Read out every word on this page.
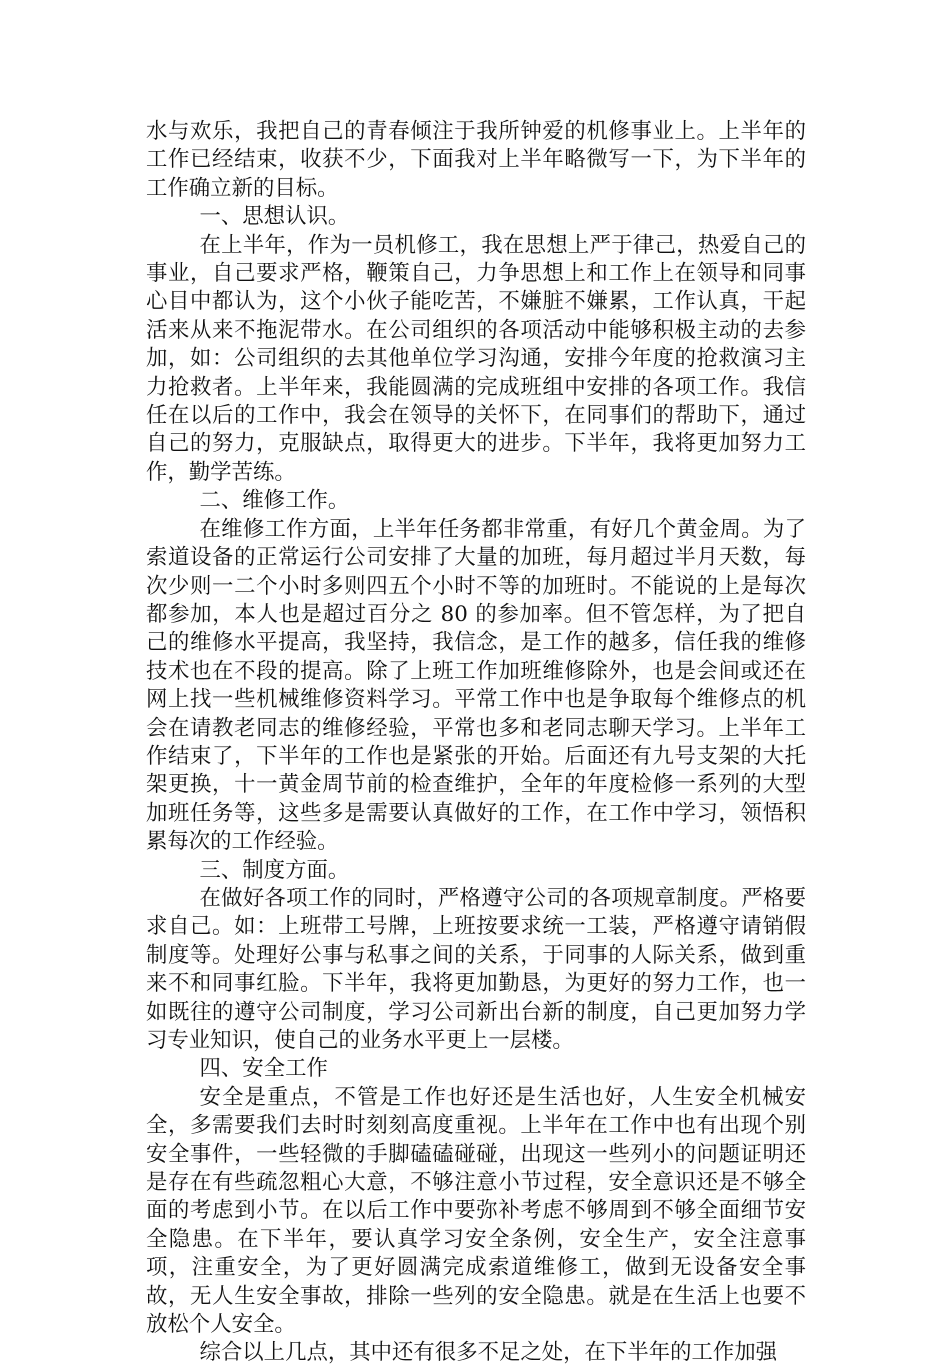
水与欢乐，我把自己的青春倾注于我所钟爱的机修事业上。上半年的工作已经结束，收获不少，下面我对上半年略微写一下，为下半年的工作确立新的目标。

一、思想认识。

在上半年，作为一员机修工，我在思想上严于律己，热爱自己的事业，自己要求严格，鞭策自己，力争思想上和工作上在领导和同事心目中都认为，这个小伙子能吃苦，不嫌脏不嫌累，工作认真，干起活来从来不拖泥带水。在公司组织的各项活动中能够积极主动的去参加，如：公司组织的去其他单位学习沟通，安排今年度的抢救演习主力抢救者。上半年来，我能圆满的完成班组中安排的各项工作。我信任在以后的工作中，我会在领导的关怀下，在同事们的帮助下，通过自己的努力，克服缺点，取得更大的进步。下半年，我将更加努力工作，勤学苦练。

二、维修工作。

在维修工作方面，上半年任务都非常重，有好几个黄金周。为了索道设备的正常运行公司安排了大量的加班，每月超过半月天数，每次少则一二个小时多则四五个小时不等的加班时。不能说的上是每次都参加，本人也是超过百分之 80 的参加率。但不管怎样，为了把自己的维修水平提高，我坚持，我信念，是工作的越多，信任我的维修技术也在不段的提高。除了上班工作加班维修除外，也是会间或还在网上找一些机械维修资料学习。平常工作中也是争取每个维修点的机会在请教老同志的维修经验，平常也多和老同志聊天学习。上半年工作结束了，下半年的工作也是紧张的开始。后面还有九号支架的大托架更换，十一黄金周节前的检查维护，全年的年度检修一系列的大型加班任务等，这些多是需要认真做好的工作，在工作中学习，领悟积累每次的工作经验。

三、制度方面。

在做好各项工作的同时，严格遵守公司的各项规章制度。严格要求自己。如：上班带工号牌，上班按要求统一工装，严格遵守请销假制度等。处理好公事与私事之间的关系，于同事的人际关系，做到重来不和同事红脸。下半年，我将更加勤恳，为更好的努力工作，也一如既往的遵守公司制度，学习公司新出台新的制度，自己更加努力学习专业知识，使自己的业务水平更上一层楼。

四、安全工作

安全是重点，不管是工作也好还是生活也好，人生安全机械安全，多需要我们去时时刻刻高度重视。上半年在工作中也有出现个别安全事件，一些轻微的手脚磕磕碰碰，出现这一些列小的问题证明还是存在有些疏忽粗心大意，不够注意小节过程，安全意识还是不够全面的考虑到小节。在以后工作中要弥补考虑不够周到不够全面细节安全隐患。在下半年，要认真学习安全条例，安全生产，安全注意事项，注重安全，为了更好圆满完成索道维修工，做到无设备安全事故，无人生安全事故，排除一些列的安全隐患。就是在生活上也要不放松个人安全。

综合以上几点，其中还有很多不足之处，在下半年的工作加强
